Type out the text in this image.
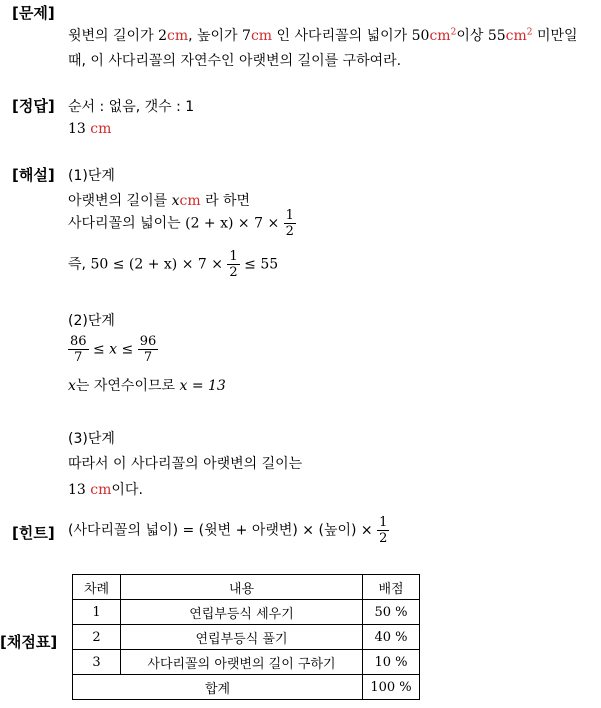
[문제]
[정답]
[해설]
[힌트]
[채점표]
윗변의 길이가 2cm, 높이가 7cm 인 사다리꼴의 넓이가 $50cm^2$이상 $55cm^2$ 미만일
때, 이 사다리꼴의 자연수인 아랫변의 길이를 구하여라.
순서 : 없음, 갯수 : 1
13 cm
(1)단계
아랫변의 길이를 xcm 라 하면
사다리꼴의 넓이는 $(2 + x) \times 7 \times \frac{1}{2}$
즉, $50 \le (2 + x) \times 7 \times \frac{1}{2} \le 55$
(2)단계
$\frac{86}{7} \le x \le \frac{96}{7}$
x는 자연수이므로 x = 13
(3)단계
따라서 이 사다리꼴의 아랫변의 길이는
13 cm이다.
(사다리꼴의 넓이) = (윗변 + 아랫변) × (높이) × $\frac{1}{2}$
차례	내용	배점
1	연립부등식 세우기	50 %
2	연립부등식 풀기	40 %
3	사다리꼴의 아랫변의 길이 구하기	10 %
합계		100 %
